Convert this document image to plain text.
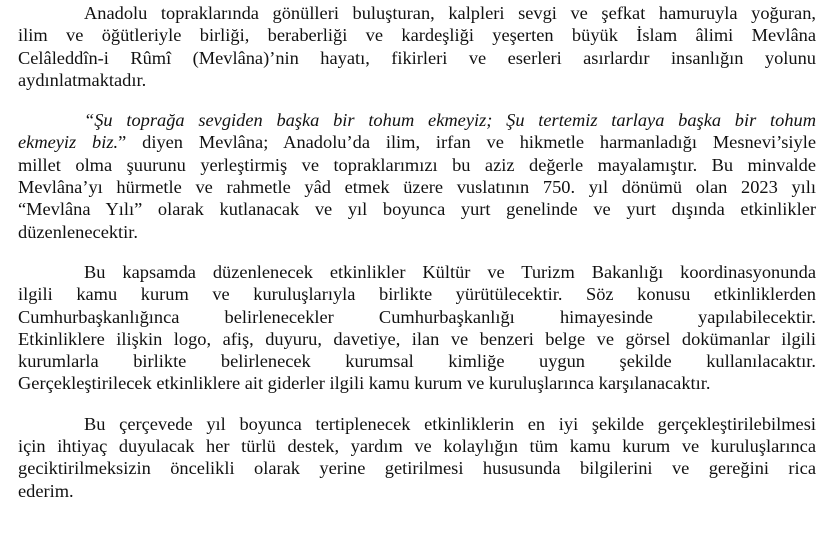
Anadolu topraklarında gönülleri buluşturan, kalpleri sevgi ve şefkat hamuruyla yoğuran,
ilim ve öğütleriyle birliği, beraberliği ve kardeşliği yeşerten büyük İslam âlimi Mevlâna
Celâleddîn-i Rûmî (Mevlâna)’nin hayatı, fikirleri ve eserleri asırlardır insanlığın yolunu
aydınlatmaktadır.

“Şu toprağa sevgiden başka bir tohum ekmeyiz; Şu tertemiz tarlaya başka bir tohum
ekmeyiz biz.” diyen Mevlâna; Anadolu’da ilim, irfan ve hikmetle harmanladığı Mesnevi’siyle
millet olma şuurunu yerleştirmiş ve topraklarımızı bu aziz değerle mayalamıştır. Bu minvalde
Mevlâna’yı hürmetle ve rahmetle yâd etmek üzere vuslatının 750. yıl dönümü olan 2023 yılı
“Mevlâna Yılı” olarak kutlanacak ve yıl boyunca yurt genelinde ve yurt dışında etkinlikler
düzenlenecektir.

Bu kapsamda düzenlenecek etkinlikler Kültür ve Turizm Bakanlığı koordinasyonunda
ilgili kamu kurum ve kuruluşlarıyla birlikte yürütülecektir. Söz konusu etkinliklerden
Cumhurbaşkanlığınca belirlenecekler Cumhurbaşkanlığı himayesinde yapılabilecektir.
Etkinliklere ilişkin logo, afiş, duyuru, davetiye, ilan ve benzeri belge ve görsel dokümanlar ilgili
kurumlarla birlikte belirlenecek kurumsal kimliğe uygun şekilde kullanılacaktır.
Gerçekleştirilecek etkinliklere ait giderler ilgili kamu kurum ve kuruluşlarınca karşılanacaktır.

Bu çerçevede yıl boyunca tertiplenecek etkinliklerin en iyi şekilde gerçekleştirilebilmesi
için ihtiyaç duyulacak her türlü destek, yardım ve kolaylığın tüm kamu kurum ve kuruluşlarınca
geciktirilmeksizin öncelikli olarak yerine getirilmesi hususunda bilgilerini ve gereğini rica
ederim.
